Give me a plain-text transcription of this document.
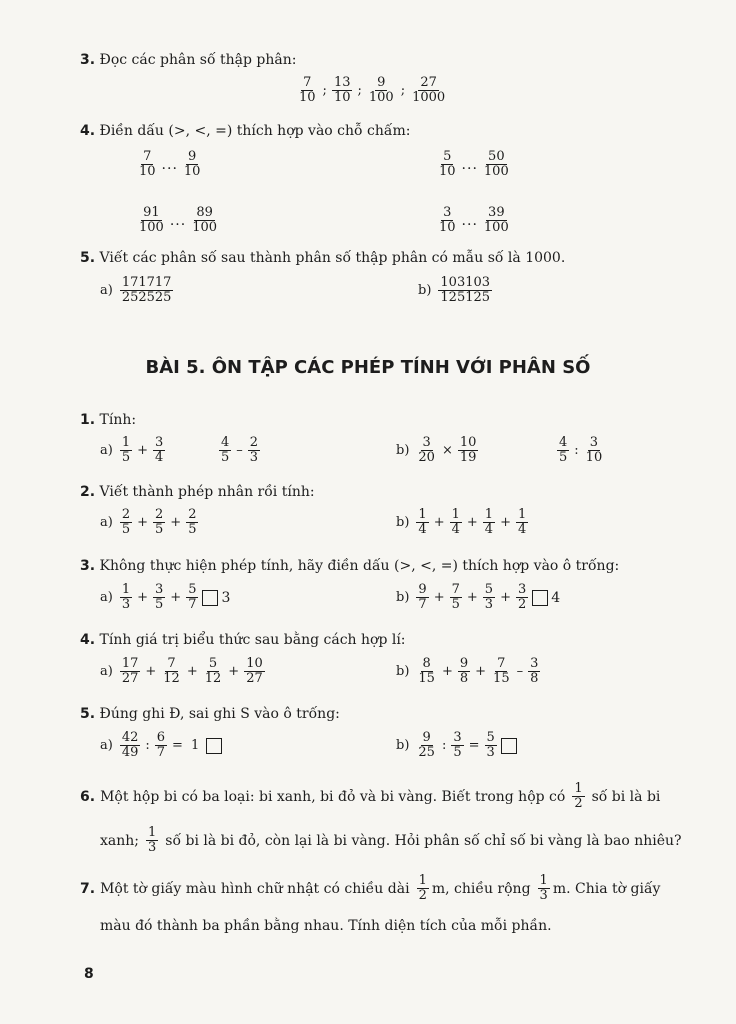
3. Đọc các phân số thập phân:
$\frac{7}{10}$ ; $\frac{13}{10}$ ; $\frac{9}{100}$ ; $\frac{27}{1000}$
4. Điền dấu (>, <, =) thích hợp vào chỗ chấm:
$\frac{7}{10}$ ... $\frac{9}{10}$	$\frac{5}{10}$ ... $\frac{50}{100}$
$\frac{91}{100}$ ... $\frac{89}{100}$	$\frac{3}{10}$ ... $\frac{39}{100}$
5. Viết các phân số sau thành phân số thập phân có mẫu số là 1000.
$a) \frac{171717}{252525}$	$b) \frac{103103}{125125}$
BÀI 5. ÔN TẬP CÁC PHÉP TÍNH VỚI PHÂN SỐ
1. Tính:
$a) \frac{1}{5} + \frac{3}{4}$	$\frac{4}{5} - \frac{2}{3}$	$b) \frac{3}{20} \times \frac{10}{19}$	$\frac{4}{5}$ : $\frac{3}{10}$
2. Viết thành phép nhân rồi tính:
$a) \frac{2}{5} + \frac{2}{5} + \frac{2}{5}$	$b) \frac{1}{4} + \frac{1}{4} + \frac{1}{4} + \frac{1}{4}$
3. Không thực hiện phép tính, hãy điền dấu (>, <, =) thích hợp vào ô trống:
$a) \frac{1}{3} + \frac{3}{5} + \frac{5}{7} 3$	$b) \frac{9}{7} + \frac{7}{5} + \frac{5}{3} + \frac{3}{2} 4$
4. Tính giá trị biểu thức sau bằng cách hợp lí:
$a) \frac{17}{27} + \frac{7}{12} + \frac{5}{12} + \frac{10}{27}$	$b) \frac{8}{15} + \frac{9}{8} + \frac{7}{15} - \frac{3}{8}$
5. Đúng ghi Đ, sai ghi S vào ô trống:
$a) \frac{42}{49}$ : $\frac{6}{7} = 1$	$b) \frac{9}{25}$ : $\frac{3}{5} = \frac{5}{3}$
6. Một hộp bi có ba loại: bi xanh, bi đỏ và bi vàng. Biết trong hộp có $\frac{1}{2}$ số bi là bi
xanh; $\frac{1}{3}$ số bi là bi đỏ, còn lại là bi vàng. Hỏi phân số chỉ số bi vàng là bao nhiêu?
7. Một tờ giấy màu hình chữ nhật có chiều dài $\frac{1}{2} m$, chiều rộng $\frac{1}{3} m$. Chia tờ giấy
màu đó thành ba phần bằng nhau. Tính diện tích của mỗi phần.
8
